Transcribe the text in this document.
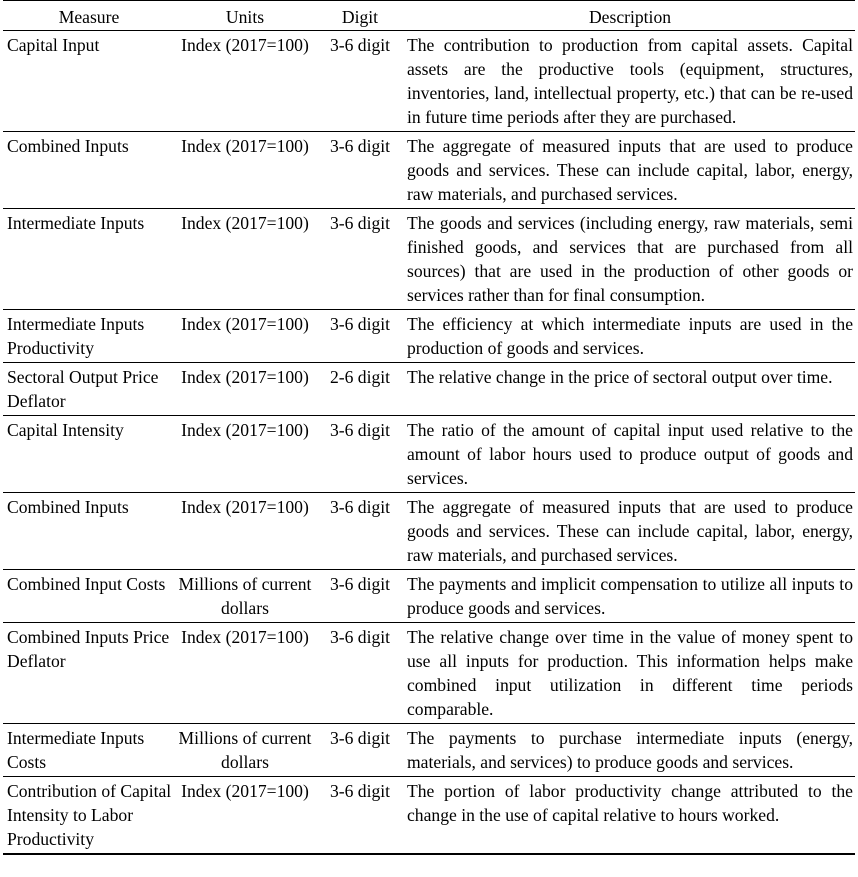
Measure	Units	Digit	Description
Capital Input	Index (2017=100)	3-6 digit	The contribution to production from capital assets. Capital assets are the productive tools (equipment, structures, inventories, land, intellectual property, etc.) that can be re-used in future time periods after they are purchased.
Combined Inputs	Index (2017=100)	3-6 digit	The aggregate of measured inputs that are used to produce goods and services. These can include capital, labor, energy, raw materials, and purchased services.
Intermediate Inputs	Index (2017=100)	3-6 digit	The goods and services (including energy, raw materials, semi finished goods, and services that are purchased from all sources) that are used in the production of other goods or services rather than for final consumption.
Intermediate Inputs Productivity	Index (2017=100)	3-6 digit	The efficiency at which intermediate inputs are used in the production of goods and services.
Sectoral Output Price Deflator	Index (2017=100)	2-6 digit	The relative change in the price of sectoral output over time.
Capital Intensity	Index (2017=100)	3-6 digit	The ratio of the amount of capital input used relative to the amount of labor hours used to produce output of goods and services.
Combined Inputs	Index (2017=100)	3-6 digit	The aggregate of measured inputs that are used to produce goods and services. These can include capital, labor, energy, raw materials, and purchased services.
Combined Input Costs	Millions of current dollars	3-6 digit	The payments and implicit compensation to utilize all inputs to produce goods and services.
Combined Inputs Price Deflator	Index (2017=100)	3-6 digit	The relative change over time in the value of money spent to use all inputs for production. This information helps make combined input utilization in different time periods comparable.
Intermediate Inputs Costs	Millions of current dollars	3-6 digit	The payments to purchase intermediate inputs (energy, materials, and services) to produce goods and services.
Contribution of Capital Intensity to Labor Productivity	Index (2017=100)	3-6 digit	The portion of labor productivity change attributed to the change in the use of capital relative to hours worked.
